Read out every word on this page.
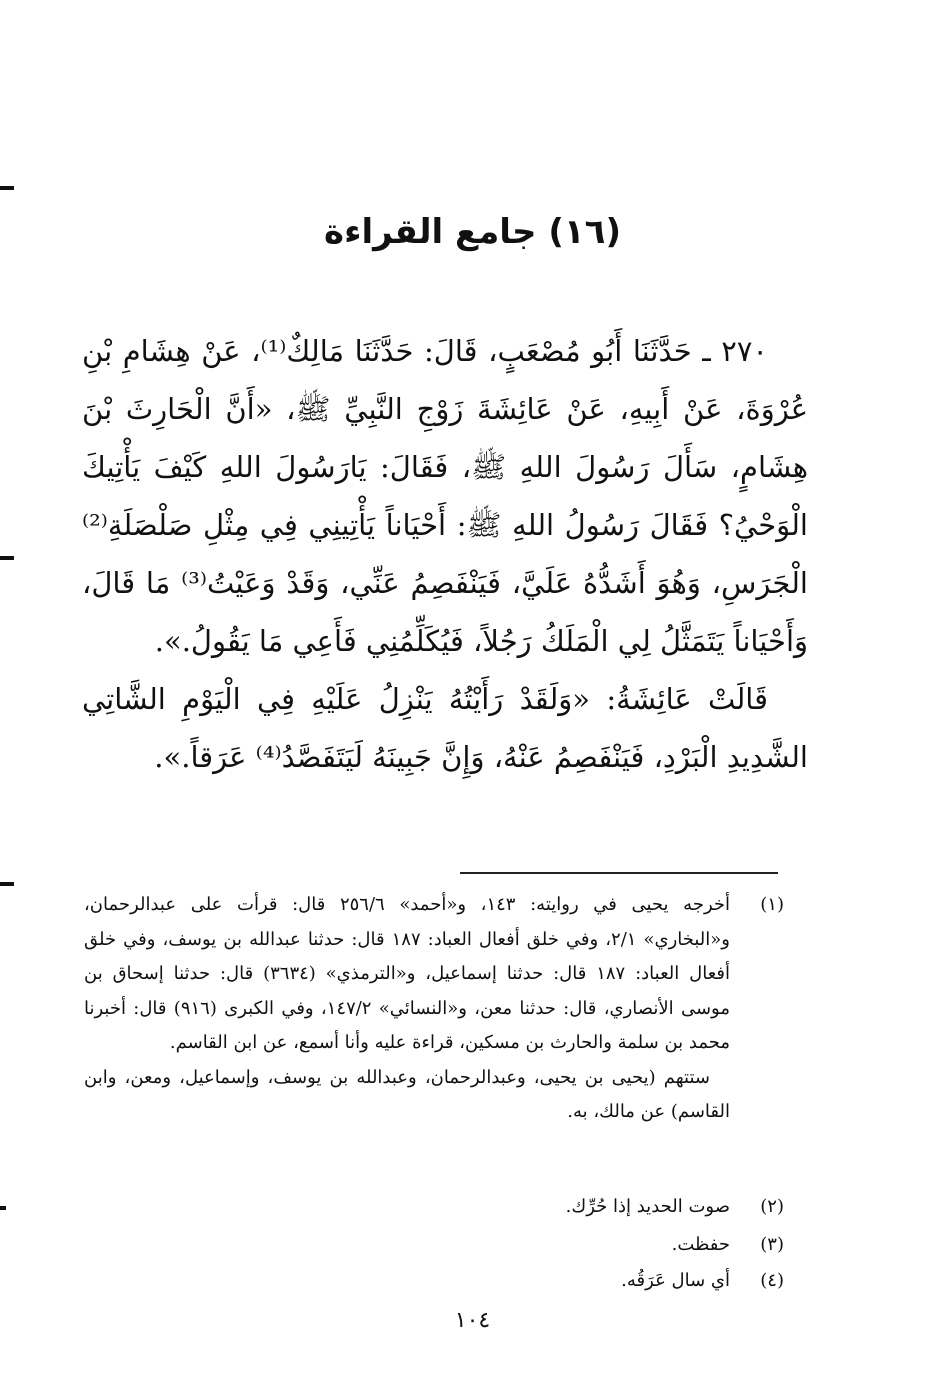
(١٦) جامع القراءة

٢٧٠ ـ حَدَّثَنَا أَبُو مُصْعَبٍ، قَالَ: حَدَّثَنَا مَالِكٌ⁽¹⁾، عَنْ هِشَامِ بْنِ عُرْوَةَ، عَنْ أَبِيهِ، عَنْ عَائِشَةَ زَوْجِ النَّبِيِّ ﷺ، «أَنَّ الْحَارِثَ بْنَ هِشَامٍ، سَأَلَ رَسُولَ اللهِ ﷺ، فَقَالَ: يَارَسُولَ اللهِ كَيْفَ يَأْتِيكَ الْوَحْيُ؟ فَقَالَ رَسُولُ اللهِ ﷺ: أَحْيَاناً يَأْتِينِي فِي مِثْلِ صَلْصَلَةِ⁽²⁾ الْجَرَسِ، وَهُوَ أَشَدُّهُ عَلَيَّ، فَيَنْفَصِمُ عَنِّي، وَقَدْ وَعَيْتُ⁽³⁾ مَا قَالَ، وَأَحْيَاناً يَتَمَثَّلُ لِي الْمَلَكُ رَجُلاً، فَيُكَلِّمُنِي فَأَعِي مَا يَقُولُ.».

قَالَتْ عَائِشَةُ: «وَلَقَدْ رَأَيْتُهُ يَنْزِلُ عَلَيْهِ فِي الْيَوْمِ الشَّاتِي الشَّدِيدِ الْبَرْدِ، فَيَنْفَصِمُ عَنْهُ، وَإِنَّ جَبِينَهُ لَيَتَفَصَّدُ⁽⁴⁾ عَرَقاً.».

(١)
أخرجه يحيى في روايته: ١٤٣، و«أحمد» ٢٥٦/٦ قال: قرأت على عبدالرحمان، و«البخاري» ٢/١، وفي خلق أفعال العباد: ١٨٧ قال: حدثنا عبدالله بن يوسف، وفي خلق أفعال العباد: ١٨٧ قال: حدثنا إسماعيل، و«الترمذي» (٣٦٣٤) قال: حدثنا إسحاق بن موسى الأنصاري، قال: حدثنا معن، و«النسائي» ١٤٧/٢، وفي الكبرى (٩١٦) قال: أخبرنا محمد بن سلمة والحارث بن مسكين، قراءة عليه وأنا أسمع، عن ابن القاسم.
ستتهم (يحيى بن يحيى، وعبدالرحمان، وعبدالله بن يوسف، وإسماعيل، ومعن، وابن القاسم) عن مالك، به.
(٢)
صوت الحديد إذا حُرِّك.
(٣)
حفظت.
(٤)
أي سال عَرَقُه.
١٠٤
